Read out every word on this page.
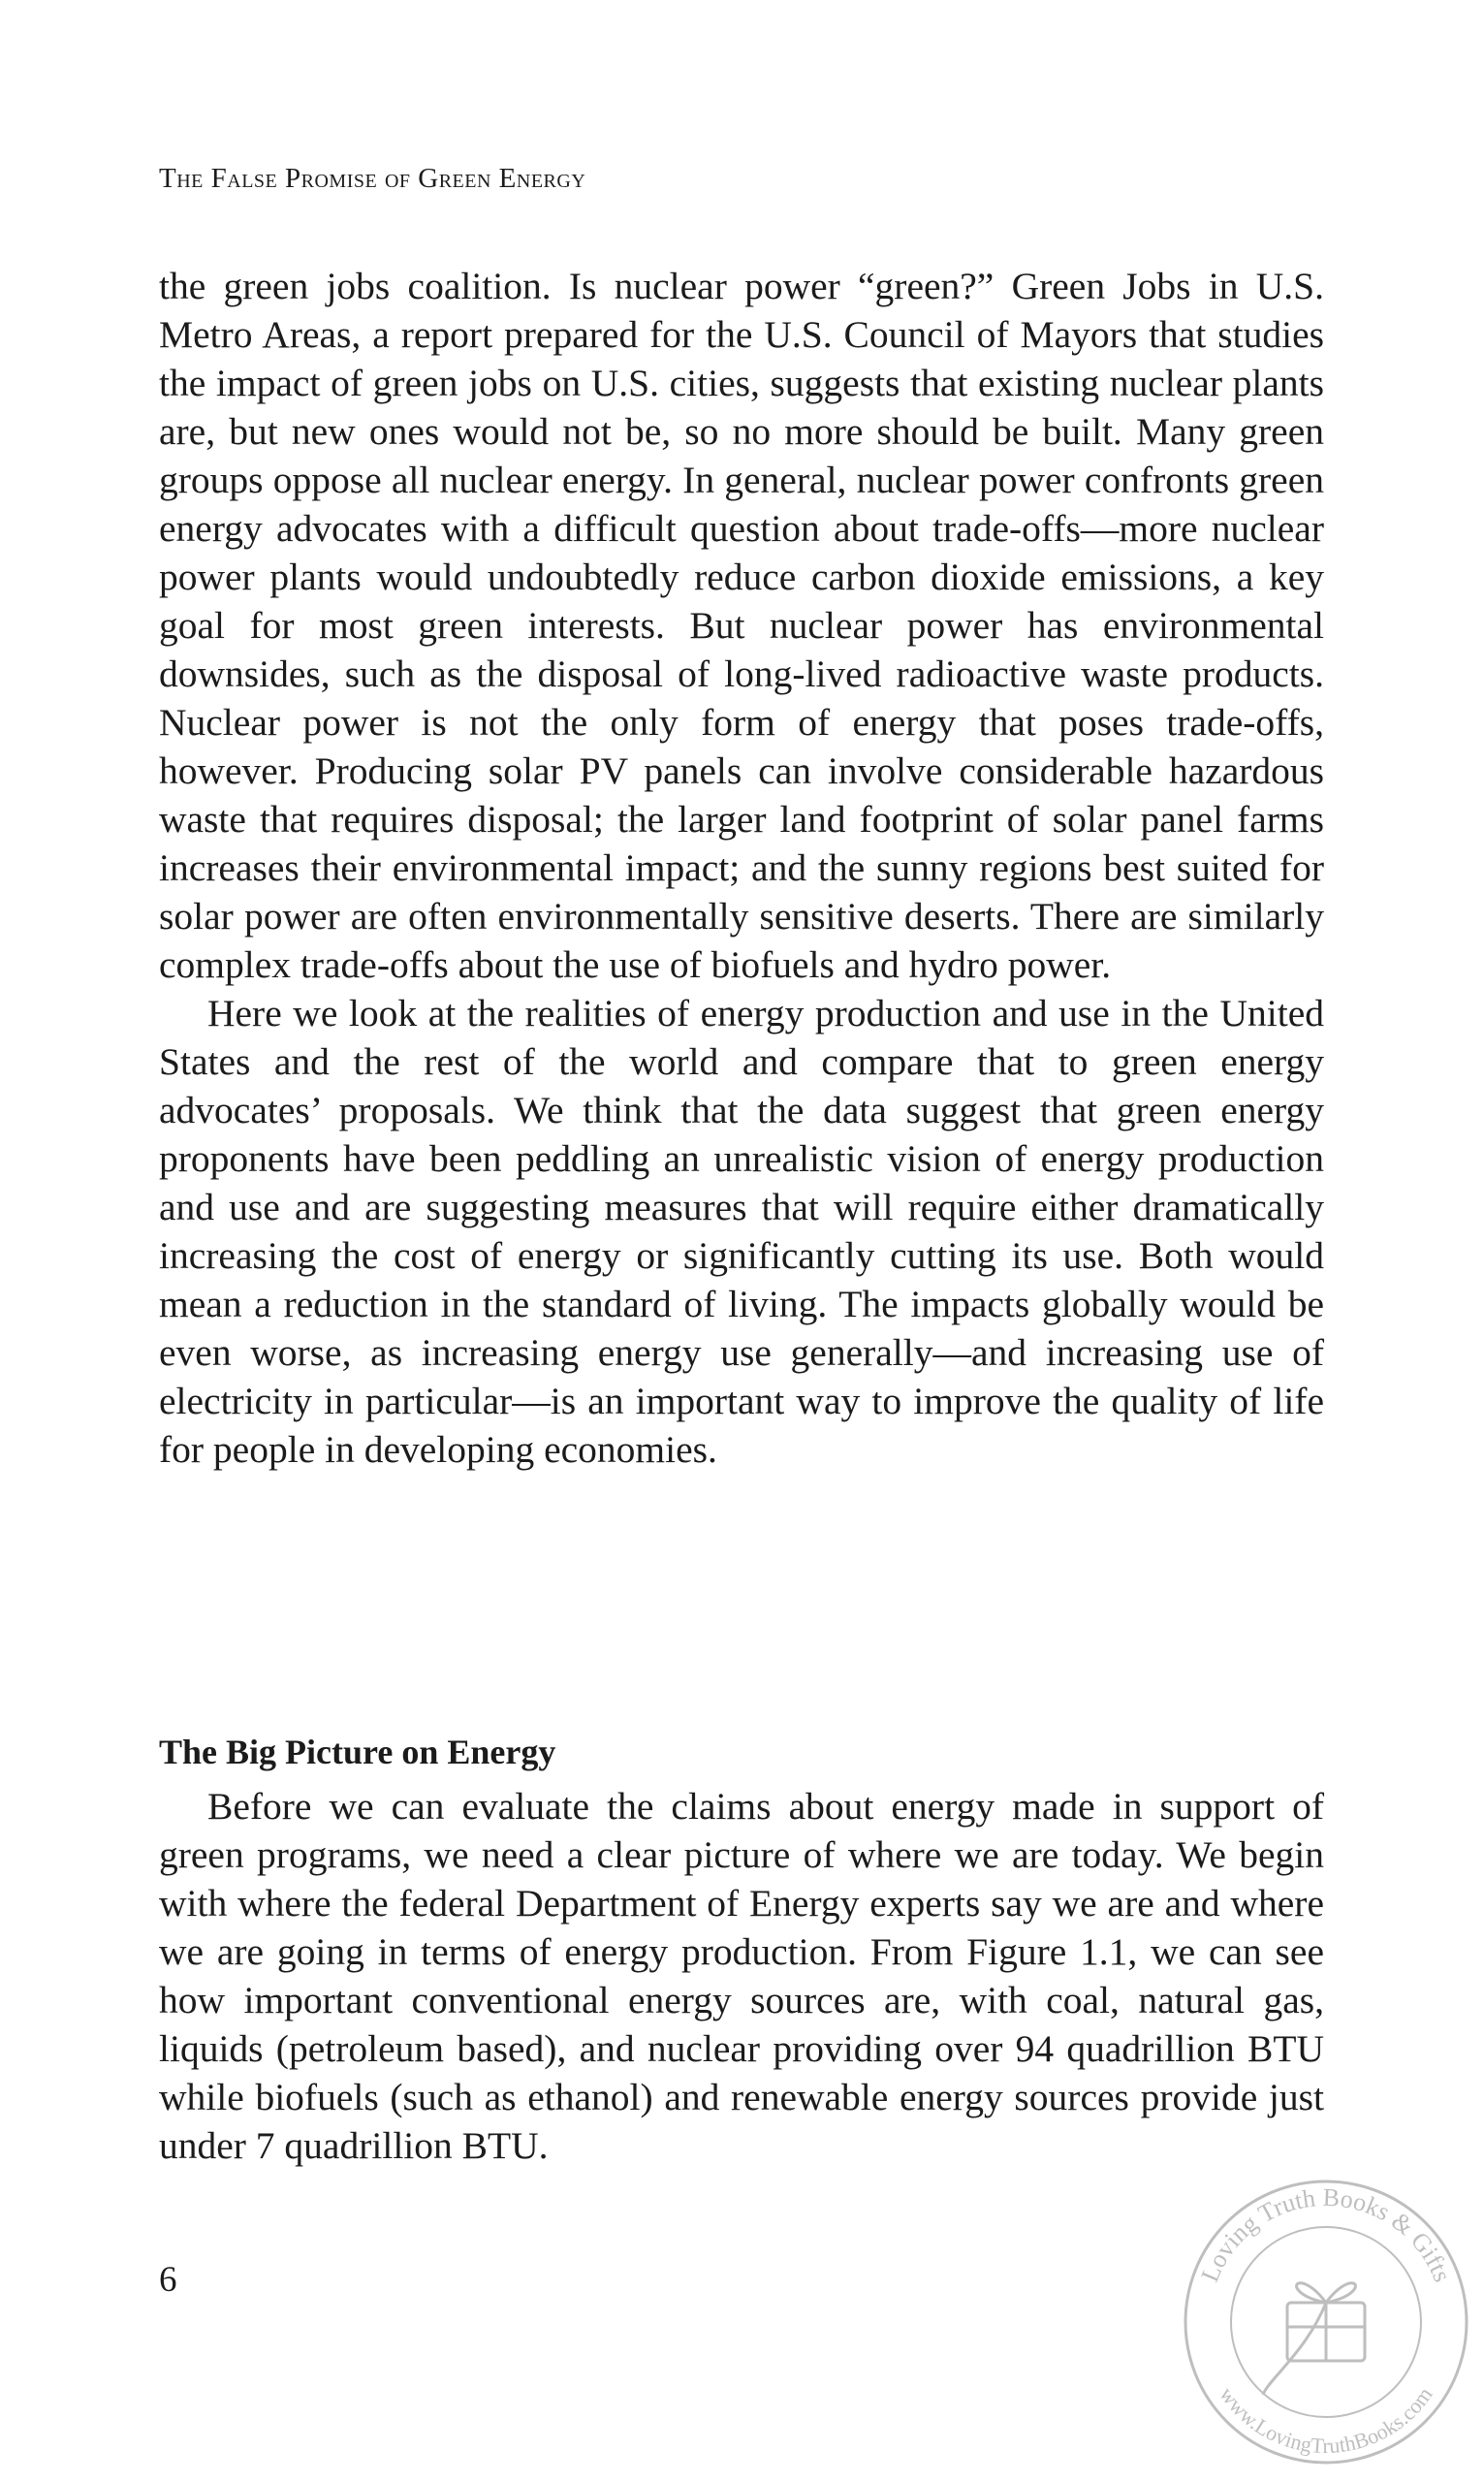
The False Promise of Green Energy

the green jobs coalition. Is nuclear power “green?” Green Jobs in U.S. Metro Areas, a report prepared for the U.S. Council of Mayors that studies the impact of green jobs on U.S. cities, suggests that existing nuclear plants are, but new ones would not be, so no more should be built. Many green groups oppose all nuclear energy. In general, nuclear power confronts green energy advocates with a difficult question about trade-offs—more nuclear power plants would undoubtedly reduce carbon dioxide emissions, a key goal for most green interests. But nuclear power has environmental downsides, such as the disposal of long-lived radioactive waste products. Nuclear power is not the only form of energy that poses trade-offs, however. Producing solar PV panels can involve considerable hazardous waste that requires disposal; the larger land footprint of solar panel farms increases their environmental impact; and the sunny regions best suited for solar power are often environmentally sensitive deserts. There are similarly complex trade-offs about the use of biofuels and hydro power.

Here we look at the realities of energy production and use in the United States and the rest of the world and compare that to green energy advocates’ proposals. We think that the data suggest that green energy proponents have been peddling an unrealistic vision of energy production and use and are suggesting measures that will require either dramatically increasing the cost of energy or significantly cutting its use. Both would mean a reduction in the standard of living. The impacts globally would be even worse, as increasing energy use generally—and increasing use of electricity in particular—is an important way to improve the quality of life for people in developing economies.

The Big Picture on Energy

Before we can evaluate the claims about energy made in support of green programs, we need a clear picture of where we are today. We begin with where the federal Department of Energy experts say we are and where we are going in terms of energy production. From Figure 1.1, we can see how important conventional energy sources are, with coal, natural gas, liquids (petroleum based), and nuclear providing over 94 quadrillion BTU while biofuels (such as ethanol) and renewable energy sources provide just under 7 quadrillion BTU.

6	Loving Truth Books & Gifts
www.LovingTruthBooks.com
